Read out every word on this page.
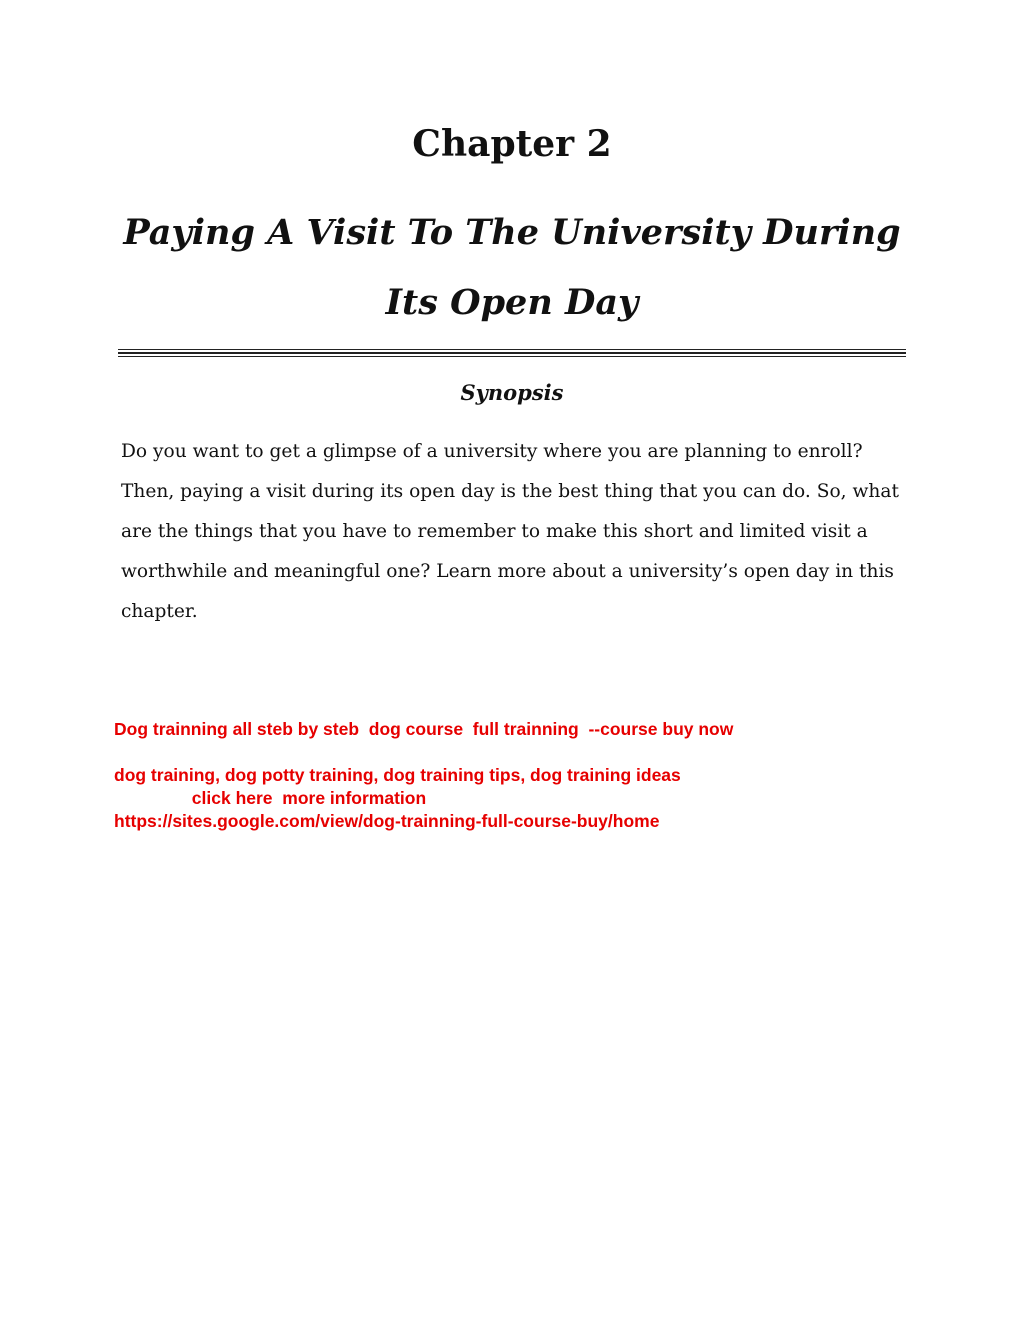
Chapter 2
Paying A Visit To The University During Its Open Day
Synopsis

Do you want to get a glimpse of a university where you are planning to enroll? Then, paying a visit during its open day is the best thing that you can do. So, what are the things that you have to remember to make this short and limited visit a worthwhile and meaningful one? Learn more about a university’s open day in this chapter.

Dog trainning all steb by steb  dog course  full trainning  --course buy now

dog training, dog potty training, dog training tips, dog training ideas

click here  more information

https://sites.google.com/view/dog-trainning-full-course-buy/home
